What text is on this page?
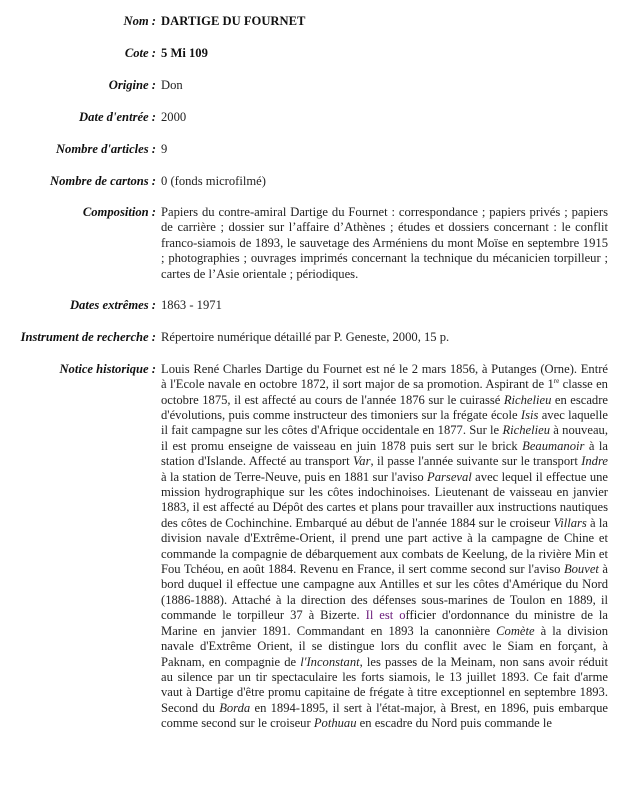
Nom : DARTIGE DU FOURNET
Cote : 5 Mi 109
Origine : Don
Date d'entrée : 2000
Nombre d'articles : 9
Nombre de cartons : 0 (fonds microfilmé)
Composition : Papiers du contre-amiral Dartige du Fournet : correspondance ; papiers privés ; papiers de carrière ; dossier sur l’affaire d’Athènes ; études et dossiers concernant : le conflit franco-siamois de 1893, le sauvetage des Arméniens du mont Moïse en septembre 1915 ; photographies ; ouvrages imprimés concernant la technique du mécanicien torpilleur ; cartes de l’Asie orientale ; périodiques.
Dates extrêmes : 1863 - 1971
Instrument de recherche : Répertoire numérique détaillé par P. Geneste, 2000, 15 p.
Notice historique : Louis René Charles Dartige du Fournet est né le 2 mars 1856, à Putanges (Orne). Entré à l'Ecole navale en octobre 1872, il sort major de sa promotion. Aspirant de 1re classe en octobre 1875, il est affecté au cours de l'année 1876 sur le cuirassé Richelieu en escadre d'évolutions, puis comme instructeur des timoniers sur la frégate école Isis avec laquelle il fait campagne sur les côtes d'Afrique occidentale en 1877. Sur le Richelieu à nouveau, il est promu enseigne de vaisseau en juin 1878 puis sert sur le brick Beaumanoir à la station d'Islande. Affecté au transport Var, il passe l'année suivante sur le transport Indre à la station de Terre-Neuve, puis en 1881 sur l'aviso Parseval avec lequel il effectue une mission hydrographique sur les côtes indochinoises. Lieutenant de vaisseau en janvier 1883, il est affecté au Dépôt des cartes et plans pour travailler aux instructions nautiques des côtes de Cochinchine. Embarqué au début de l'année 1884 sur le croiseur Villars à la division navale d'Extrême-Orient, il prend une part active à la campagne de Chine et commande la compagnie de débarquement aux combats de Keelung, de la rivière Min et Fou Tchéou, en août 1884. Revenu en France, il sert comme second sur l'aviso Bouvet à bord duquel il effectue une campagne aux Antilles et sur les côtes d'Amérique du Nord (1886-1888). Attaché à la direction des défenses sous-marines de Toulon en 1889, il commande le torpilleur 37 à Bizerte. Il est officier d'ordonnance du ministre de la Marine en janvier 1891. Commandant en 1893 la canonnière Comète à la division navale d'Extrême Orient, il se distingue lors du conflit avec le Siam en forçant, à Paknam, en compagnie de l'Inconstant, les passes de la Meinam, non sans avoir réduit au silence par un tir spectaculaire les forts siamois, le 13 juillet 1893. Ce fait d'arme vaut à Dartige d'être promu capitaine de frégate à titre exceptionnel en septembre 1893. Second du Borda en 1894-1895, il sert à l'état-major, à Brest, en 1896, puis embarque comme second sur le croiseur Pothuau en escadre du Nord puis commande le
